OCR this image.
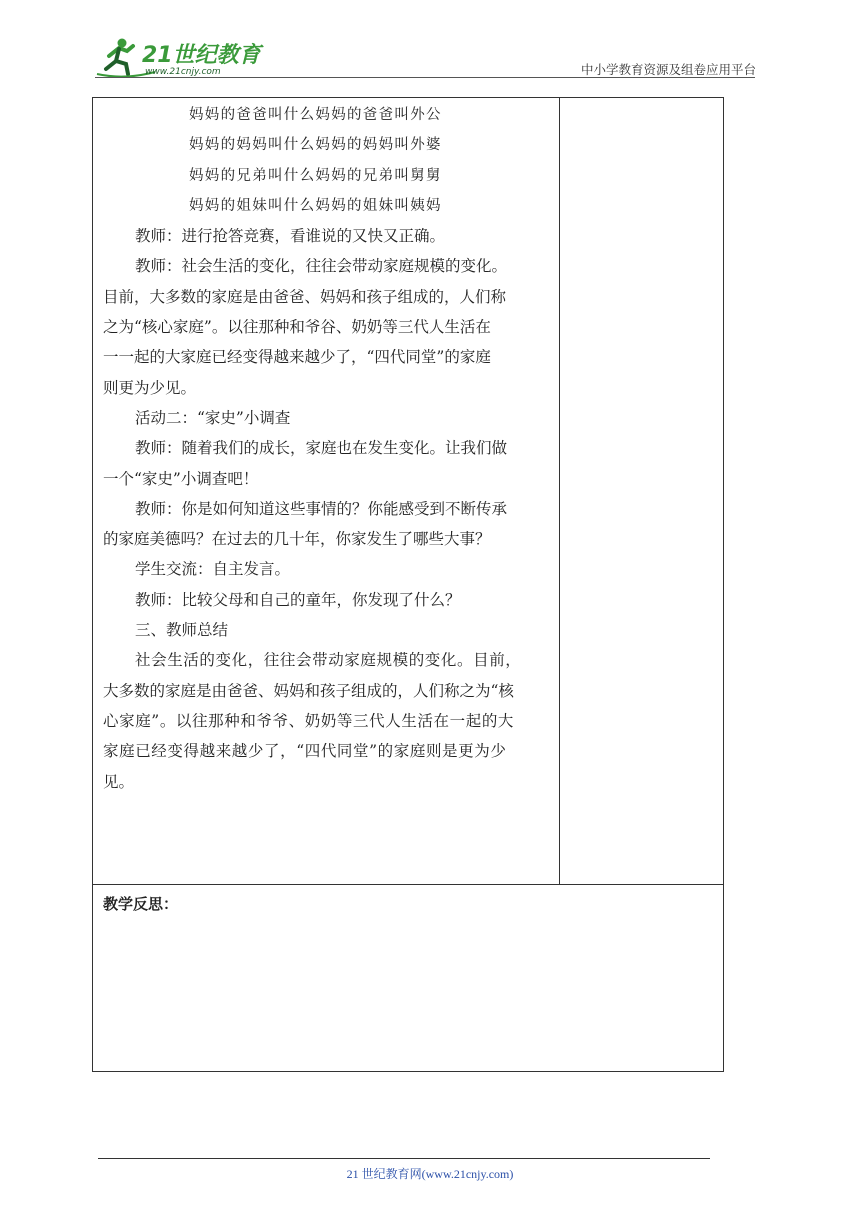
21世纪教育
www.21cnjy.com	中小学教育资源及组卷应用平台
妈妈的爸爸叫什么妈妈的爸爸叫外公
妈妈的妈妈叫什么妈妈的妈妈叫外婆
妈妈的兄弟叫什么妈妈的兄弟叫舅舅
妈妈的姐妹叫什么妈妈的姐妹叫姨妈
教师：进行抢答竞赛，看谁说的又快又正确。
教师：社会生活的变化，往往会带动家庭规模的变化。
目前，大多数的家庭是由爸爸、妈妈和孩子组成的，人们称
之为“核心家庭”。以往那种和爷谷、奶奶等三代人生活在
一一起的大家庭已经变得越来越少了，“四代同堂”的家庭
则更为少见。
活动二：“家史”小调查
教师：随着我们的成长，家庭也在发生变化。让我们做
一个“家史”小调查吧！
教师：你是如何知道这些事情的？你能感受到不断传承
的家庭美德吗？在过去的几十年，你家发生了哪些大事？
学生交流：自主发言。
教师：比较父母和自己的童年，你发现了什么？
三、教师总结
社会生活的变化，往往会带动家庭规模的变化。目前，
大多数的家庭是由爸爸、妈妈和孩子组成的，人们称之为“核
心家庭”。以往那种和爷爷、奶奶等三代人生活在一起的大
家庭已经变得越来越少了，“四代同堂”的家庭则是更为少
见。
教学反思：
21 世纪教育网(www.21cnjy.com)
